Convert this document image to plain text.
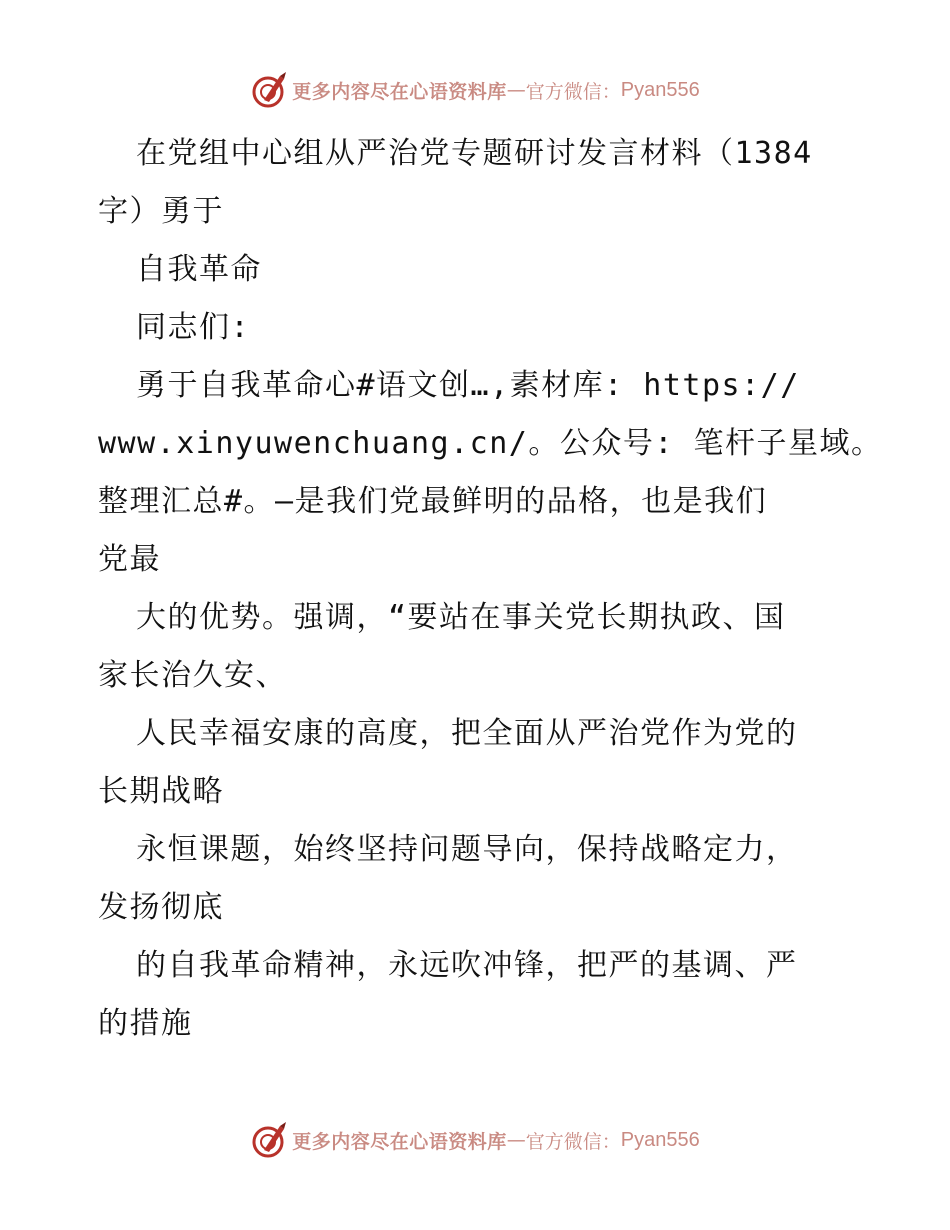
更多内容尽在心语资料库 — 官方微信： Pyan556
在党组中心组从严治党专题研讨发言材料（1384
字）勇于
自我革命
同志们:
勇于自我革命心#语文创…,素材库: https://
www.xinyuwenchuang.cn/。公众号: 笔杆子星域。
整理汇总#。—是我们党最鲜明的品格，也是我们
党最
大的优势。强调，“要站在事关党长期执政、国
家长治久安、
人民幸福安康的高度，把全面从严治党作为党的
长期战略
永恒课题，始终坚持问题导向，保持战略定力，
发扬彻底
的自我革命精神，永远吹冲锋，把严的基调、严
的措施
更多内容尽在心语资料库 — 官方微信： Pyan556
